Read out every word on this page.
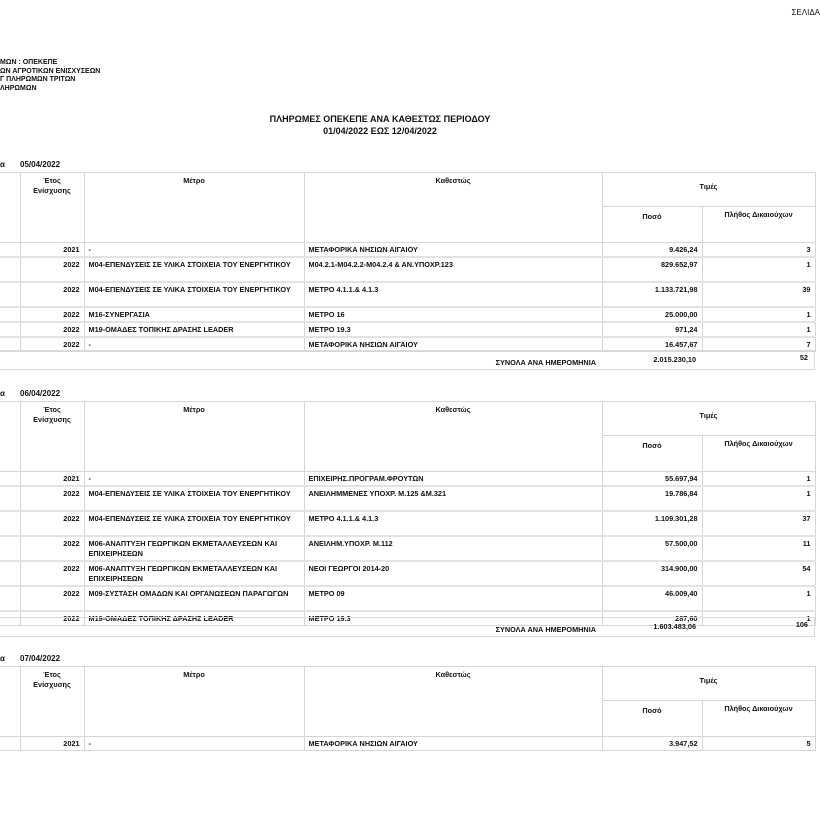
ΣΕΛΙΔΑ
ΜΩΝ : ΟΠΕΚΕΠΕ
ΩΝ ΑΓΡΟΤΙΚΩΝ ΕΝΙΣΧΥΣΕΩΝ
Γ ΠΛΗΡΩΜΩΝ ΤΡΙΤΩΝ
ΛΗΡΩΜΩΝ
ΠΛΗΡΩΜΕΣ ΟΠΕΚΕΠΕ ΑΝΑ ΚΑΘΕΣΤΩΣ ΠΕΡΙΟΔΟΥ
01/04/2022 ΕΩΣ 12/04/2022
α 05/04/2022
	Έτος Ενίσχυσης	Μέτρο	Καθεστώς	Τιμές	
				Ποσό	Πλήθος Δικαιούχων
	2021	-	ΜΕΤΑΦΟΡΙΚΑ ΝΗΣΙΩΝ ΑΙΓΑΙΟΥ	9.426,24	3
	2022	Μ04-ΕΠΕΝΔΥΣΕΙΣ ΣΕ ΥΛΙΚΑ ΣΤΟΙΧΕΙΑ ΤΟΥ ΕΝΕΡΓΗΤΙΚΟΥ	Μ04.2.1-Μ04.2.2-Μ04.2.4 & ΑΝ.ΥΠΟΧΡ.123	829.652,97	1
	2022	Μ04-ΕΠΕΝΔΥΣΕΙΣ ΣΕ ΥΛΙΚΑ ΣΤΟΙΧΕΙΑ ΤΟΥ ΕΝΕΡΓΗΤΙΚΟΥ	ΜΕΤΡΟ 4.1.1.& 4.1.3	1.133.721,98	39
	2022	Μ16-ΣΥΝΕΡΓΑΣΙΑ	ΜΕΤΡΟ 16	25.000,00	1
	2022	Μ19-ΟΜΑΔΕΣ ΤΟΠΙΚΗΣ ΔΡΑΣΗΣ LEADER	ΜΕΤΡΟ 19.3	971,24	1
	2022	-	ΜΕΤΑΦΟΡΙΚΑ ΝΗΣΙΩΝ ΑΙΓΑΙΟΥ	16.457,67	7
ΣΥΝΟΛΑ ΑΝΑ ΗΜΕΡΟΜΗΝΙΑ	2.015.230,10	52
α 06/04/2022
	Έτος Ενίσχυσης	Μέτρο	Καθεστώς	Τιμές	
				Ποσό	Πλήθος Δικαιούχων
	2021	-	ΕΠΙΧΕΙΡΗΣ.ΠΡΟΓΡΑΜ.ΦΡΟΥΤΩΝ	55.697,94	1
	2022	Μ04-ΕΠΕΝΔΥΣΕΙΣ ΣΕ ΥΛΙΚΑ ΣΤΟΙΧΕΙΑ ΤΟΥ ΕΝΕΡΓΗΤΙΚΟΥ	ΑΝΕΙΛΗΜΜΕΝΕΣ ΥΠΟΧΡ. Μ.125 &Μ.321	19.786,84	1
	2022	Μ04-ΕΠΕΝΔΥΣΕΙΣ ΣΕ ΥΛΙΚΑ ΣΤΟΙΧΕΙΑ ΤΟΥ ΕΝΕΡΓΗΤΙΚΟΥ	ΜΕΤΡΟ 4.1.1.& 4.1.3	1.109.301,28	37
	2022	Μ06-ΑΝΑΠΤΥΞΗ ΓΕΩΡΓΙΚΩΝ ΕΚΜΕΤΑΛΛΕΥΣΕΩΝ ΚΑΙ ΕΠΙΧΕΙΡΗΣΕΩΝ	ΑΝΕΙΛΗΜ.ΥΠΟΧΡ. Μ.112	57.500,00	11
	2022	Μ06-ΑΝΑΠΤΥΞΗ ΓΕΩΡΓΙΚΩΝ ΕΚΜΕΤΑΛΛΕΥΣΕΩΝ ΚΑΙ ΕΠΙΧΕΙΡΗΣΕΩΝ	ΝΕΟΙ ΓΕΩΡΓΟΙ 2014-20	314.900,00	54
	2022	Μ09-ΣΥΣΤΑΣΗ ΟΜΑΔΩΝ ΚΑΙ ΟΡΓΑΝΩΣΕΩΝ ΠΑΡΑΓΩΓΩΝ	ΜΕΤΡΟ 09	46.009,40	1
	2022	Μ19-ΟΜΑΔΕΣ ΤΟΠΙΚΗΣ ΔΡΑΣΗΣ LEADER	ΜΕΤΡΟ 19.3	287,60	1
ΣΥΝΟΛΑ ΑΝΑ ΗΜΕΡΟΜΗΝΙΑ	1.603.483,06	106
α 07/04/2022
	Έτος Ενίσχυσης	Μέτρο	Καθεστώς	Τιμές	
				Ποσό	Πλήθος Δικαιούχων
	2021	-	ΜΕΤΑΦΟΡΙΚΑ ΝΗΣΙΩΝ ΑΙΓΑΙΟΥ	3.947,52	5
